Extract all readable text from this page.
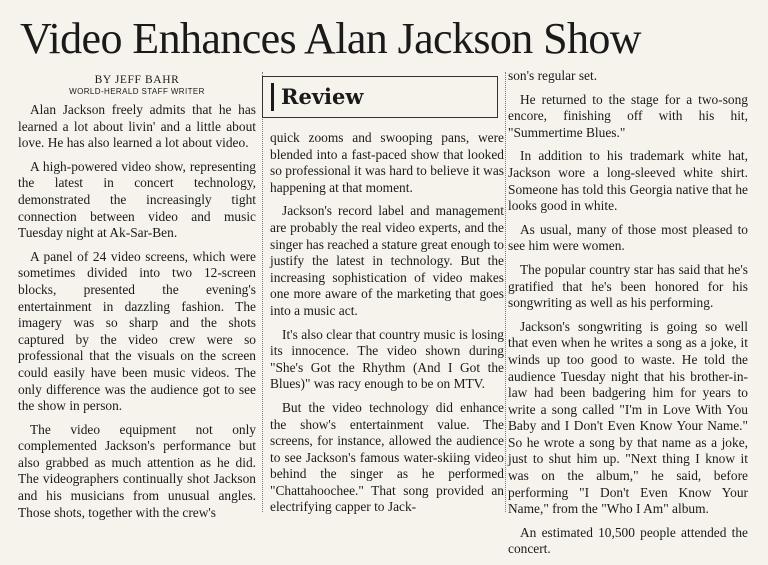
Video Enhances Alan Jackson Show
BY JEFF BAHR
WORLD-HERALD STAFF WRITER

Alan Jackson freely admits that he has learned a lot about livin' and a little about love. He has also learned a lot about video.

A high-powered video show, representing the latest in concert technology, demonstrated the increasingly tight connection between video and music Tuesday night at Ak-Sar-Ben.

A panel of 24 video screens, which were sometimes divided into two 12-screen blocks, presented the evening's entertainment in dazzling fashion. The imagery was so sharp and the shots captured by the video crew were so professional that the visuals on the screen could easily have been music videos. The only difference was the audience got to see the show in person.

The video equipment not only complemented Jackson's performance but also grabbed as much attention as he did. The videographers continually shot Jackson and his musicians from unusual angles. Those shots, together with the crew's

Review

quick zooms and swooping pans, were blended into a fast-paced show that looked so professional it was hard to believe it was happening at that moment.

Jackson's record label and management are probably the real video experts, and the singer has reached a stature great enough to justify the latest in technology. But the increasing sophistication of video makes one more aware of the marketing that goes into a music act.

It's also clear that country music is losing its innocence. The video shown during "She's Got the Rhythm (And I Got the Blues)" was racy enough to be on MTV.

But the video technology did enhance the show's entertainment value. The screens, for instance, allowed the audience to see Jackson's famous water-skiing video behind the singer as he performed "Chattahoochee." That song provided an electrifying capper to Jack-

son's regular set.

He returned to the stage for a two-song encore, finishing off with his hit, "Summertime Blues."

In addition to his trademark white hat, Jackson wore a long-sleeved white shirt. Someone has told this Georgia native that he looks good in white.

As usual, many of those most pleased to see him were women.

The popular country star has said that he's gratified that he's been honored for his songwriting as well as his performing.

Jackson's songwriting is going so well that even when he writes a song as a joke, it winds up too good to waste. He told the audience Tuesday night that his brother-in-law had been badgering him for years to write a song called "I'm in Love With You Baby and I Don't Even Know Your Name." So he wrote a song by that name as a joke, just to shut him up. "Next thing I know it was on the album," he said, before performing "I Don't Even Know Your Name," from the "Who I Am" album.

An estimated 10,500 people attended the concert.
